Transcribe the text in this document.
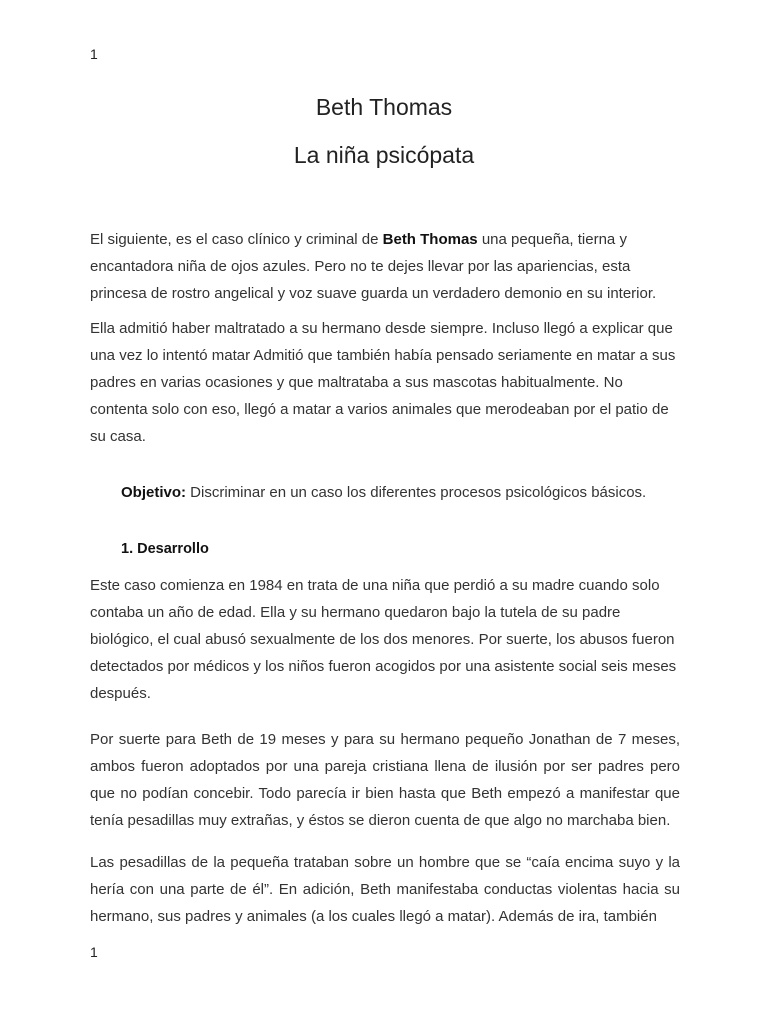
1

Beth Thomas

La niña psicópata

El siguiente, es el caso clínico y criminal de Beth Thomas una pequeña, tierna y encantadora niña de ojos azules. Pero no te dejes llevar por las apariencias, esta princesa de rostro angelical y voz suave guarda un verdadero demonio en su interior.

Ella admitió haber maltratado a su hermano desde siempre. Incluso llegó a explicar que una vez lo intentó matar Admitió que también había pensado seriamente en matar a sus padres en varias ocasiones y que maltrataba a sus mascotas habitualmente. No contenta solo con eso, llegó a matar a varios animales que merodeaban por el patio de su casa.

Objetivo: Discriminar en un caso los diferentes procesos psicológicos básicos.

1. Desarrollo

Este caso comienza en 1984 en trata de una niña que perdió a su madre cuando solo contaba un año de edad. Ella y su hermano quedaron bajo la tutela de su padre biológico, el cual abusó sexualmente de los dos menores. Por suerte, los abusos fueron detectados por médicos y los niños fueron acogidos por una asistente social seis meses después.

Por suerte para Beth de 19 meses y para su hermano pequeño Jonathan de 7 meses, ambos fueron adoptados por una pareja cristiana llena de ilusión por ser padres pero que no podían concebir. Todo parecía ir bien hasta que Beth empezó a manifestar que tenía pesadillas muy extrañas, y éstos se dieron cuenta de que algo no marchaba bien.

Las pesadillas de la pequeña trataban sobre un hombre que se “caía encima suyo y la hería con una parte de él”. En adición, Beth manifestaba conductas violentas hacia su hermano, sus padres y animales (a los cuales llegó a matar). Además de ira, también

1
